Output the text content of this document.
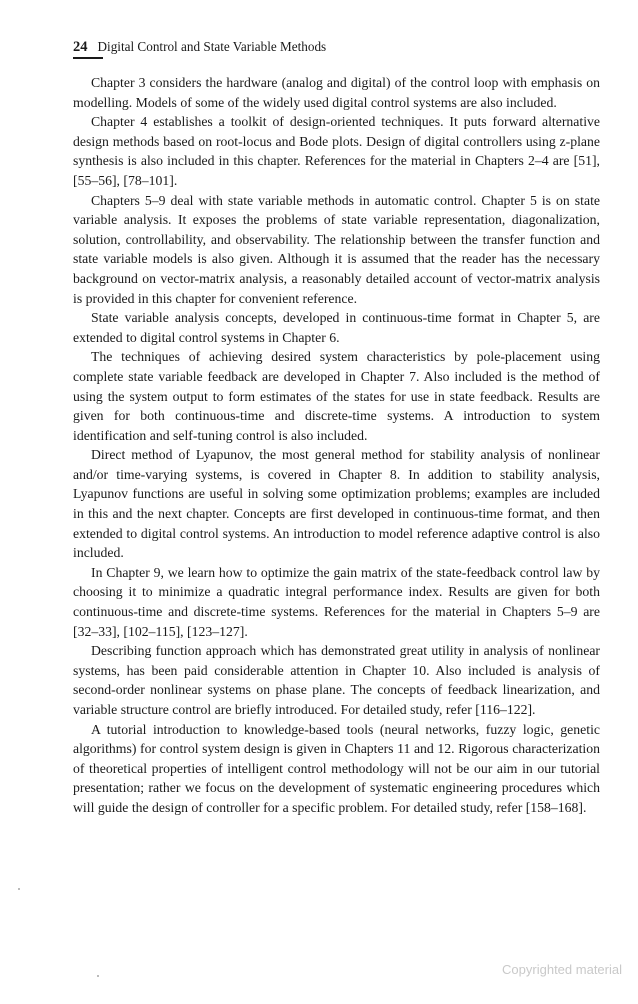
24 Digital Control and State Variable Methods

Chapter 3 considers the hardware (analog and digital) of the control loop with emphasis on modelling. Models of some of the widely used digital control systems are also included.

Chapter 4 establishes a toolkit of design-oriented techniques. It puts forward alternative design methods based on root-locus and Bode plots. Design of digital controllers using z-plane synthesis is also included in this chapter. References for the material in Chapters 2–4 are [51], [55–56], [78–101].

Chapters 5–9 deal with state variable methods in automatic control. Chapter 5 is on state variable analysis. It exposes the problems of state variable representation, diagonalization, solution, controllability, and observability. The relationship between the transfer function and state variable models is also given. Although it is assumed that the reader has the necessary background on vector-matrix analysis, a reasonably detailed account of vector-matrix analysis is provided in this chapter for convenient reference.

State variable analysis concepts, developed in continuous-time format in Chapter 5, are extended to digital control systems in Chapter 6.

The techniques of achieving desired system characteristics by pole-placement using complete state variable feedback are developed in Chapter 7. Also included is the method of using the system output to form estimates of the states for use in state feedback. Results are given for both continuous-time and discrete-time systems. A introduction to system identification and self-tuning control is also included.

Direct method of Lyapunov, the most general method for stability analysis of nonlinear and/or time-varying systems, is covered in Chapter 8. In addition to stability analysis, Lyapunov functions are useful in solving some optimization problems; examples are included in this and the next chapter. Concepts are first developed in continuous-time format, and then extended to digital control systems. An introduction to model reference adaptive control is also included.

In Chapter 9, we learn how to optimize the gain matrix of the state-feedback control law by choosing it to minimize a quadratic integral performance index. Results are given for both continuous-time and discrete-time systems. References for the material in Chapters 5–9 are [32–33], [102–115], [123–127].

Describing function approach which has demonstrated great utility in analysis of nonlinear systems, has been paid considerable attention in Chapter 10. Also included is analysis of second-order nonlinear systems on phase plane. The concepts of feedback linearization, and variable structure control are briefly introduced. For detailed study, refer [116–122].

A tutorial introduction to knowledge-based tools (neural networks, fuzzy logic, genetic algorithms) for control system design is given in Chapters 11 and 12. Rigorous characterization of theoretical properties of intelligent control methodology will not be our aim in our tutorial presentation; rather we focus on the development of systematic engineering procedures which will guide the design of controller for a specific problem. For detailed study, refer [158–168].

Copyrighted material
